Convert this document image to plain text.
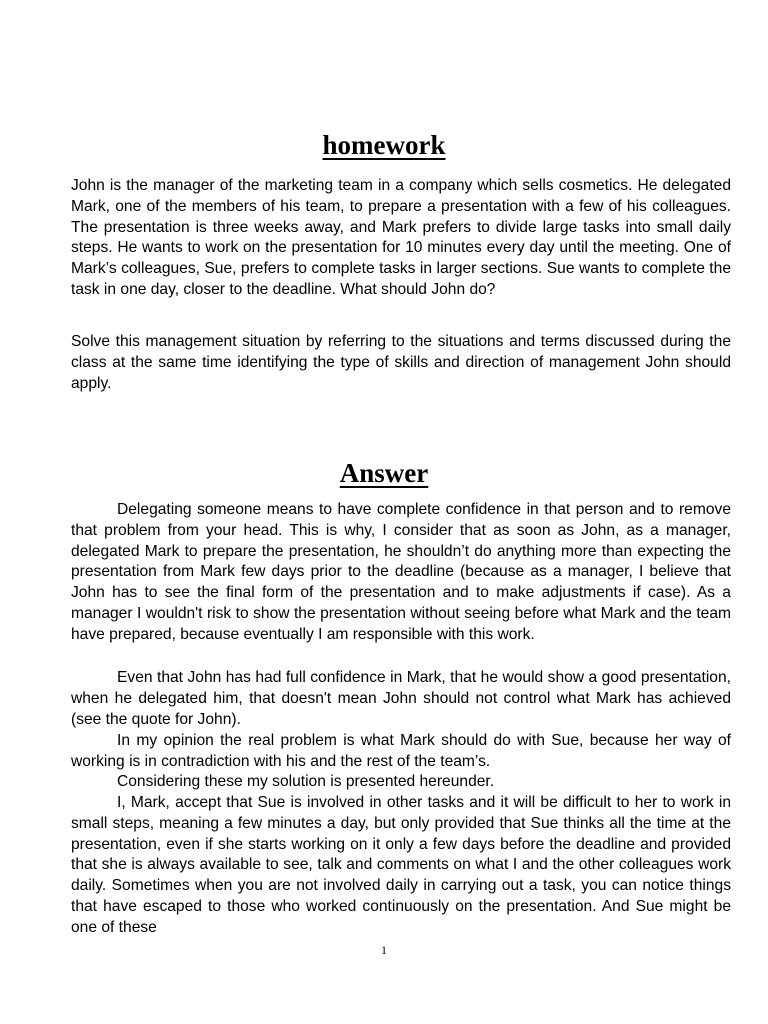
homework

John is the manager of the marketing team in a company which sells cosmetics. He delegated Mark, one of the members of his team, to prepare a presentation with a few of his colleagues. The presentation is three weeks away, and Mark prefers to divide large tasks into small daily steps. He wants to work on the presentation for 10 minutes every day until the meeting. One of Mark’s colleagues, Sue, prefers to complete tasks in larger sections. Sue wants to complete the task in one day, closer to the deadline. What should John do?

Solve this management situation by referring to the situations and terms discussed during the class at the same time identifying the type of skills and direction of management John should apply.

Answer

Delegating someone means to have complete confidence in that person and to remove that problem from your head. This is why, I consider that as soon as John, as a manager, delegated Mark to prepare the presentation, he shouldn’t do anything more than expecting the presentation from Mark few days prior to the deadline (because as a manager, I believe that John has to see the final form of the presentation and to make adjustments if case). As a manager I wouldn't risk to show the presentation without seeing before what Mark and the team have prepared, because eventually I am responsible with this work.

Even that John has had full confidence in Mark, that he would show a good presentation, when he delegated him, that doesn't mean John should not control what Mark has achieved (see the quote for John).

In my opinion the real problem is what Mark should do with Sue, because her way of working is in contradiction with his and the rest of the team’s.

Considering these my solution is presented hereunder.

I, Mark, accept that Sue is involved in other tasks and it will be difficult to her to work in small steps, meaning a few minutes a day, but only provided that Sue thinks all the time at the presentation, even if she starts working on it only a few days before the deadline and provided that she is always available to see, talk and comments on what I and the other colleagues work daily. Sometimes when you are not involved daily in carrying out a task, you can notice things that have escaped to those who worked continuously on the presentation. And Sue might be one of these

1
